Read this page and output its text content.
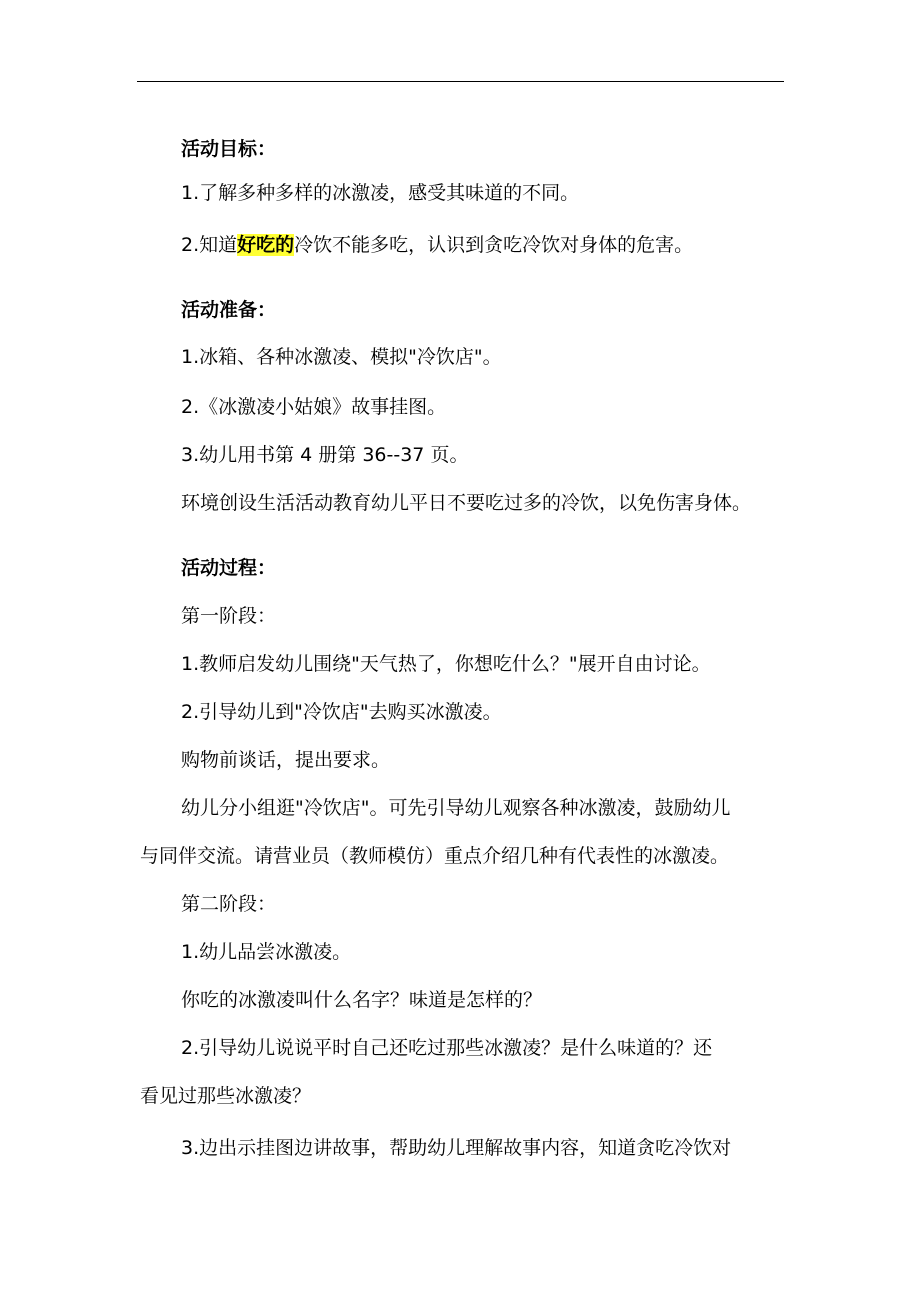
活动目标：
1.了解多种多样的冰激凌，感受其味道的不同。
2.知道好吃的冷饮不能多吃，认识到贪吃冷饮对身体的危害。
活动准备：
1.冰箱、各种冰激凌、模拟"冷饮店"。
2.《冰激凌小姑娘》故事挂图。
3.幼儿用书第 4 册第 36--37 页。
环境创设生活活动教育幼儿平日不要吃过多的冷饮，以免伤害身体。
活动过程：
第一阶段：
1.教师启发幼儿围绕"天气热了，你想吃什么？"展开自由讨论。
2.引导幼儿到"冷饮店"去购买冰激凌。
购物前谈话，提出要求。
幼儿分小组逛"冷饮店"。可先引导幼儿观察各种冰激凌，鼓励幼儿
与同伴交流。请营业员（教师模仿）重点介绍几种有代表性的冰激凌。
第二阶段：
1.幼儿品尝冰激凌。
你吃的冰激凌叫什么名字？味道是怎样的？
2.引导幼儿说说平时自己还吃过那些冰激凌？是什么味道的？还
看见过那些冰激凌？
3.边出示挂图边讲故事，帮助幼儿理解故事内容，知道贪吃冷饮对
